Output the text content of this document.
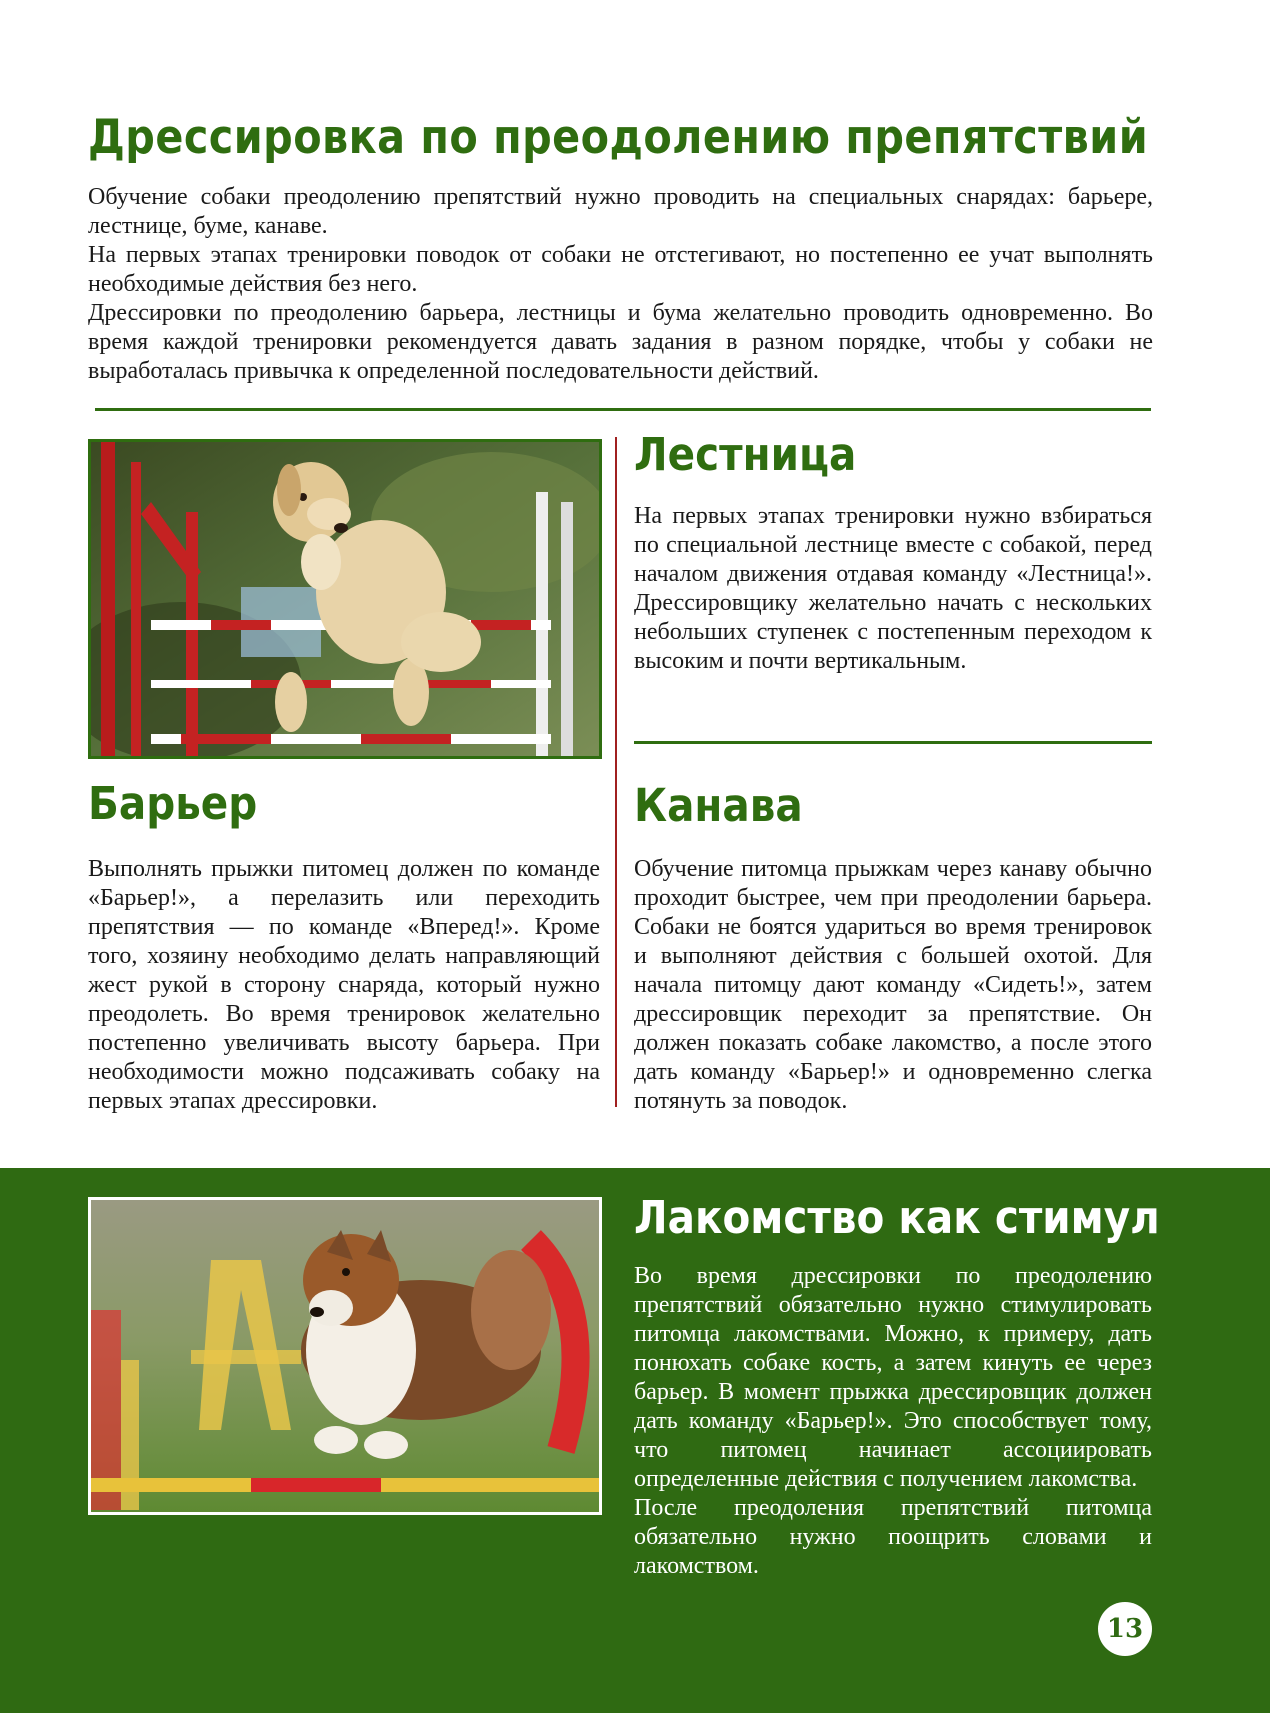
Дрессировка по преодолению препятствий

Обучение собаки преодолению препятствий нужно проводить на специальных снарядах: барьере, лестнице, буме, канаве.

На первых этапах тренировки поводок от собаки не отстегивают, но постепенно ее учат выполнять необходимые действия без него.

Дрессировки по преодолению барьера, лестницы и бума желательно проводить одновременно. Во время каждой тренировки рекомендуется давать задания в разном порядке, чтобы у собаки не выработалась привычка к определенной последовательности действий.

Лестница

На первых этапах тренировки нужно взбираться по специальной лестнице вместе с собакой, перед началом движения отдавая команду «Лестница!». Дрессировщику желательно начать с нескольких небольших ступенек с постепенным переходом к высоким и почти вертикальным.

Барьер

Выполнять прыжки питомец должен по команде «Барьер!», а перелазить или переходить препятствия — по команде «Вперед!». Кроме того, хозяину необходимо делать направляющий жест рукой в сторону снаряда, который нужно преодолеть. Во время тренировок желательно постепенно увеличивать высоту барьера. При необходимости можно подсаживать собаку на первых этапах дрессировки.

Канава

Обучение питомца прыжкам через канаву обычно проходит быстрее, чем при преодолении барьера. Собаки не боятся удариться во время тренировок и выполняют действия с большей охотой. Для начала питомцу дают команду «Сидеть!», затем дрессировщик переходит за препятствие. Он должен показать собаке лакомство, а после этого дать команду «Барьер!» и одновременно слегка потянуть за поводок.

Лакомство как стимул

Во время дрессировки по преодолению препятствий обязательно нужно стимулировать питомца лакомствами. Можно, к примеру, дать понюхать собаке кость, а затем кинуть ее через барьер. В момент прыжка дрессировщик должен дать команду «Барьер!». Это способствует тому, что питомец начинает ассоциировать определенные действия с получением лакомства.

После преодоления препятствий питомца обязательно нужно поощрить словами и лакомством.

13
